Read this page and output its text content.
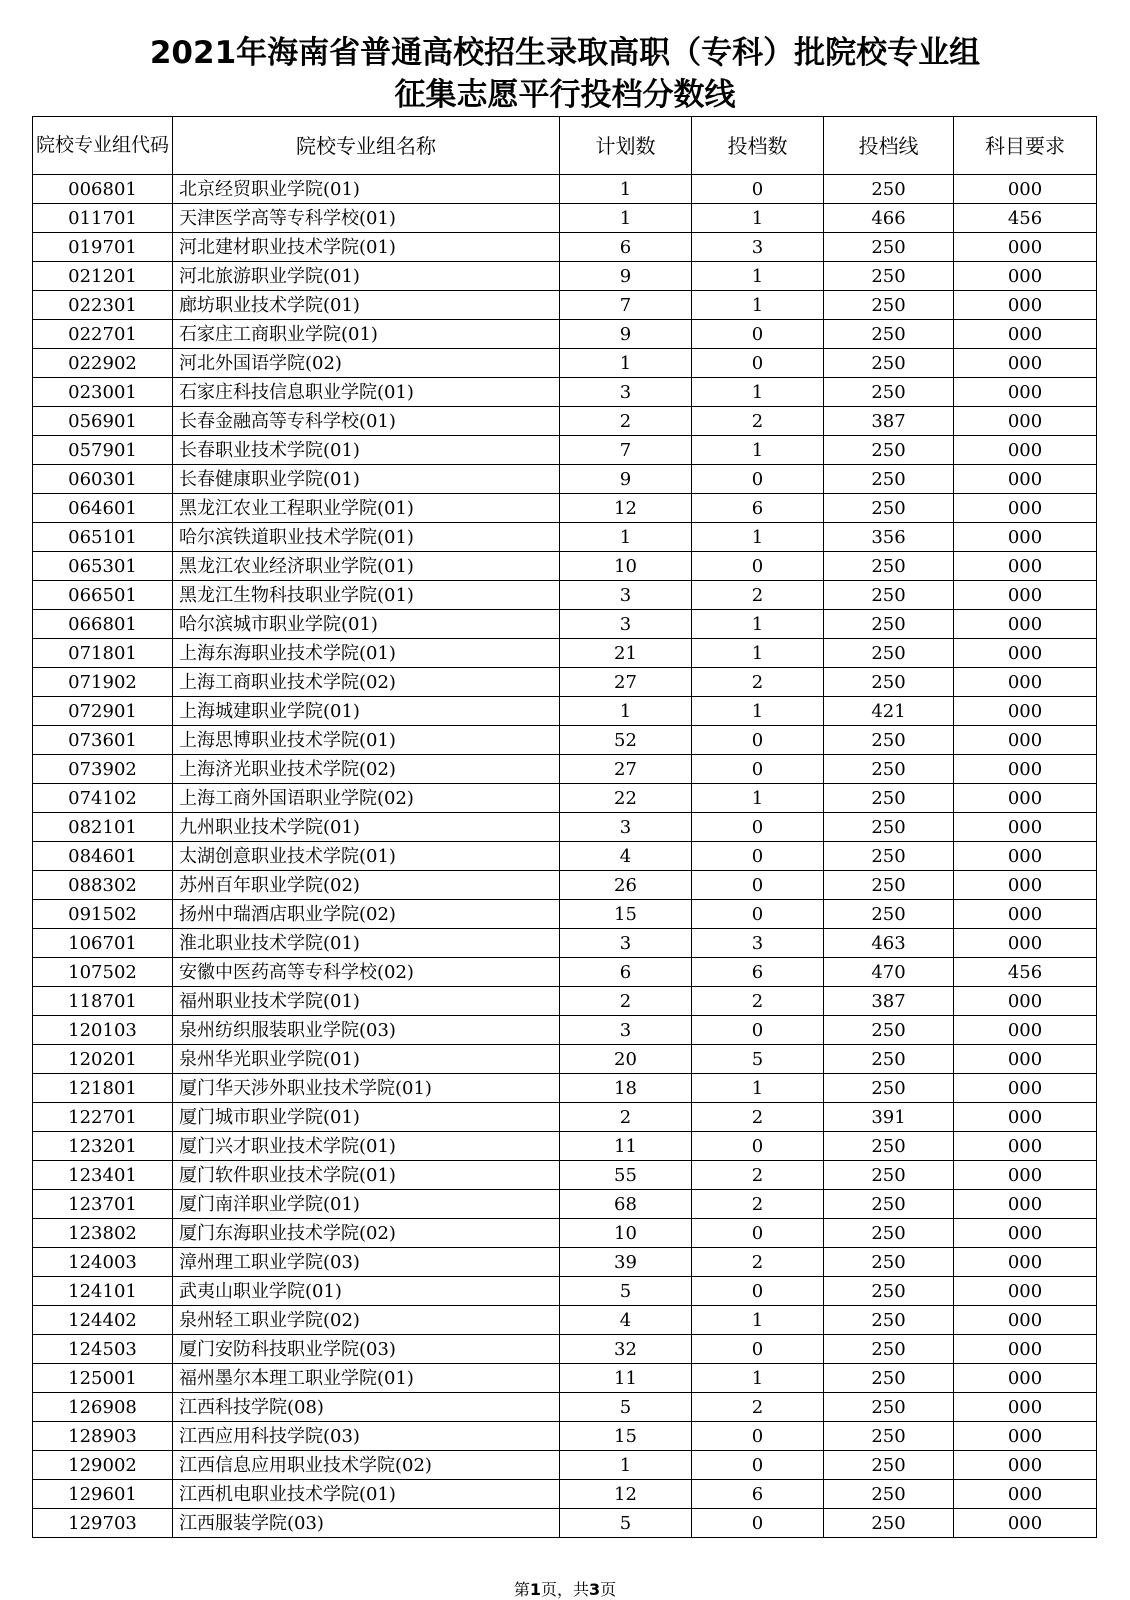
2021年海南省普通高校招生录取高职（专科）批院校专业组
征集志愿平行投档分数线
院校专业组代码	院校专业组名称	计划数	投档数	投档线	科目要求
006801	北京经贸职业学院(01)	1	0	250	000
011701	天津医学高等专科学校(01)	1	1	466	456
019701	河北建材职业技术学院(01)	6	3	250	000
021201	河北旅游职业学院(01)	9	1	250	000
022301	廊坊职业技术学院(01)	7	1	250	000
022701	石家庄工商职业学院(01)	9	0	250	000
022902	河北外国语学院(02)	1	0	250	000
023001	石家庄科技信息职业学院(01)	3	1	250	000
056901	长春金融高等专科学校(01)	2	2	387	000
057901	长春职业技术学院(01)	7	1	250	000
060301	长春健康职业学院(01)	9	0	250	000
064601	黑龙江农业工程职业学院(01)	12	6	250	000
065101	哈尔滨铁道职业技术学院(01)	1	1	356	000
065301	黑龙江农业经济职业学院(01)	10	0	250	000
066501	黑龙江生物科技职业学院(01)	3	2	250	000
066801	哈尔滨城市职业学院(01)	3	1	250	000
071801	上海东海职业技术学院(01)	21	1	250	000
071902	上海工商职业技术学院(02)	27	2	250	000
072901	上海城建职业学院(01)	1	1	421	000
073601	上海思博职业技术学院(01)	52	0	250	000
073902	上海济光职业技术学院(02)	27	0	250	000
074102	上海工商外国语职业学院(02)	22	1	250	000
082101	九州职业技术学院(01)	3	0	250	000
084601	太湖创意职业技术学院(01)	4	0	250	000
088302	苏州百年职业学院(02)	26	0	250	000
091502	扬州中瑞酒店职业学院(02)	15	0	250	000
106701	淮北职业技术学院(01)	3	3	463	000
107502	安徽中医药高等专科学校(02)	6	6	470	456
118701	福州职业技术学院(01)	2	2	387	000
120103	泉州纺织服装职业学院(03)	3	0	250	000
120201	泉州华光职业学院(01)	20	5	250	000
121801	厦门华天涉外职业技术学院(01)	18	1	250	000
122701	厦门城市职业学院(01)	2	2	391	000
123201	厦门兴才职业技术学院(01)	11	0	250	000
123401	厦门软件职业技术学院(01)	55	2	250	000
123701	厦门南洋职业学院(01)	68	2	250	000
123802	厦门东海职业技术学院(02)	10	0	250	000
124003	漳州理工职业学院(03)	39	2	250	000
124101	武夷山职业学院(01)	5	0	250	000
124402	泉州轻工职业学院(02)	4	1	250	000
124503	厦门安防科技职业学院(03)	32	0	250	000
125001	福州墨尔本理工职业学院(01)	11	1	250	000
126908	江西科技学院(08)	5	2	250	000
128903	江西应用科技学院(03)	15	0	250	000
129002	江西信息应用职业技术学院(02)	1	0	250	000
129601	江西机电职业技术学院(01)	12	6	250	000
129703	江西服装学院(03)	5	0	250	000
第1页，共3页
